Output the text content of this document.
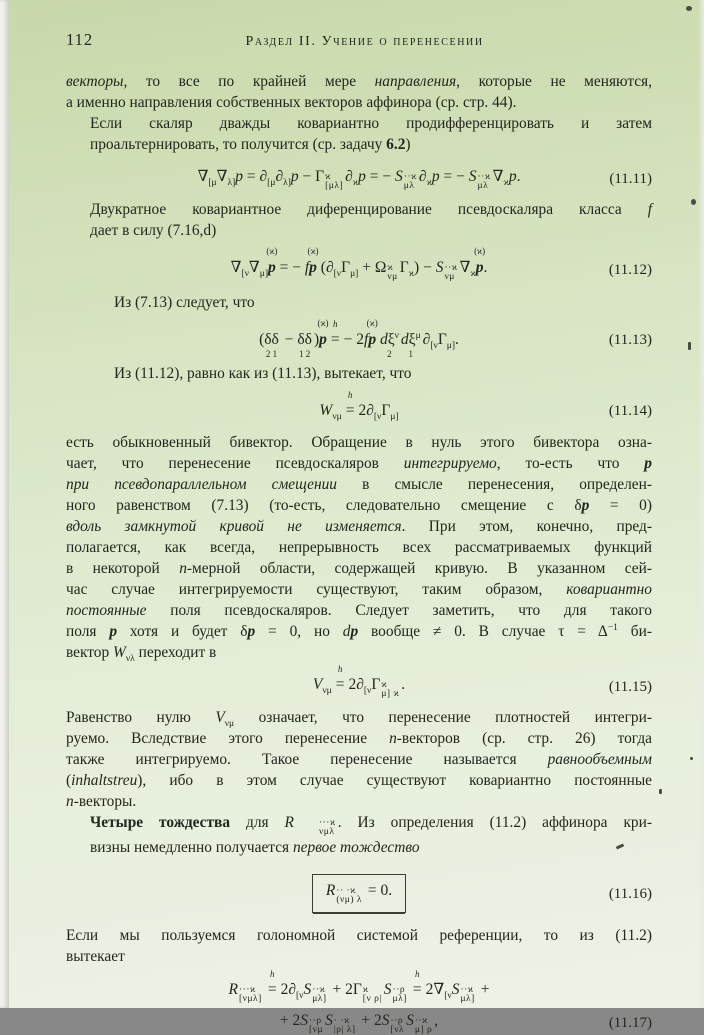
112	Раздел II. Учение о перенесении

векторы, то все по крайней мере направления, которые не меняются,
а именно направления собственных векторов аффинора (ср. стр. 44).

Если скаляр дважды ковариантно продифференцировать и затем
проальтернировать, то получится (ср. задачу 6.2)

$\nabla_{[\mu}\nabla_{\lambda]}p = \partial_{[\mu}\partial_{\lambda]}p - \Gamma$ ϰ
[μλ]
$\partial_ϰp$ = − S ··ϰ
μλ
$\partial_ϰp$ = − S ··ϰ
μλ
$\nabla_ϰp$.	(11.11)

Двукратное ковариантное диференцирование псевдоскаляра класса f
дает в силу (7.16,d)

$\nabla_{[\nu}\nabla_{\mu]}$
(ϰ)
p = − f
(ϰ)
p ($\partial_{[\nu}\Gamma_{\mu]} + \Omega$ ϰ
νμ
$\Gamma_ϰ) - S \cdot\cdot ϰ$
νμ
$\nabla_ϰ$
(ϰ)
p.	(11.12)

Из (7.13) следует, что

(δδ
2 1
− δδ
1 2
)
(ϰ)
p
h
= − 2f
(ϰ)
p $d\xi^\nu$
2
$d\xi^\mu$
1
$\partial_{[\nu}\Gamma_{\mu]}$.	(11.13)

Из (11.12), равно как из (11.13), вытекает, что

$W_{\nu\mu}$
h
= $2\partial_{[\nu}\Gamma_{\mu]}$	(11.14)

есть обыкновенный бивектор. Обращение в нуль этого бивектора озна-
чает, что перенесение псевдоскаляров интегрируемо, то-есть что p
при псевдопараллельном смещении в смысле перенесения, определен-
ного равенством (7.13) (то-есть, следовательно смещение с δp = 0)
вдоль замкнутой кривой не изменяется. При этом, конечно, пред-
полагается, как всегда, непрерывность всех рассматриваемых функций
в некоторой n-мерной области, содержащей кривую. В указанном сей-
час случае интегрируемости существуют, таким образом, ковариантно
постоянные поля псевдоскаляров. Следует заметить, что для такого
поля p хотя и будет δp = 0, но dp вообще ≠ 0. В случае $\tau = \Delta^{-1}$ би-
вектор $W_{\nu\lambda}$ переходит в

$V_{\nu\mu}$
h
= $2\partial_{[\nu}\Gamma$ ϰ
μ] ϰ
.	(11.15)

Равенство нулю $V_{\nu\mu}$ означает, что перенесение плотностей интегри-
руемо. Вследствие этого перенесение n-векторов (ср. стр. 26) тогда
также интегрируемо. Такое перенесение называется равнообъемным
(inhaltstreu), ибо в этом случае существуют ковариантно постоянные
n-векторы.

Четыре тождества для R	···ϰ
νμλ
. Из определения (11.2) аффинора кри-
визны немедленно получается первое тождество

R ·· ·ϰ
(νμ) λ
= 0.	(11.16)

Если мы пользуемся голономной системой референции, то из (11.2)
вытекает

R ···ϰ
[νμλ]
h
= $2\partial_{[\nu}S \cdot\cdot ϰ$
μλ]
+ 2Γ ϰ
[ν ρ|
S ··ρ
μλ]
h
= $2\nabla_{[\nu}S \cdot\cdot ϰ$
μλ]
+
+ 2S ··ρ
[νμ
S · ·ϰ
|ρ| λ]
+ 2S ··ρ
[νλ
S ··ϰ
μ] ρ
,	(11.17)
